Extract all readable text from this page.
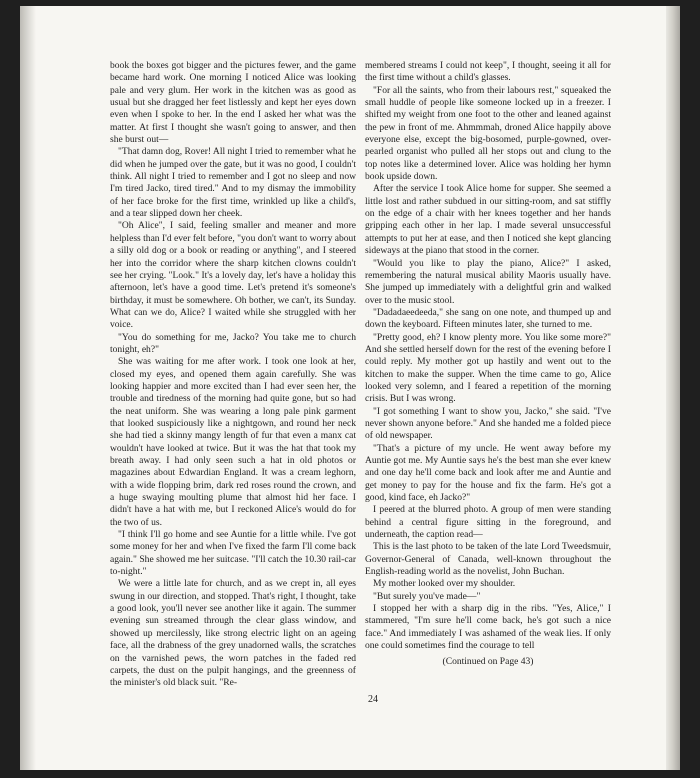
book the boxes got bigger and the pictures fewer, and the game became hard work. One morning I noticed Alice was looking pale and very glum. Her work in the kitchen was as good as usual but she dragged her feet listlessly and kept her eyes down even when I spoke to her. In the end I asked her what was the matter. At first I thought she wasn't going to answer, and then she burst out—

"That damn dog, Rover! All night I tried to remember what he did when he jumped over the gate, but it was no good, I couldn't think. All night I tried to remember and I got no sleep and now I'm tired Jacko, tired tired." And to my dismay the immobility of her face broke for the first time, wrinkled up like a child's, and a tear slipped down her cheek.

"Oh Alice", I said, feeling smaller and meaner and more helpless than I'd ever felt before, "you don't want to worry about a silly old dog or a book or reading or anything", and I steered her into the corridor where the sharp kitchen clowns couldn't see her crying. "Look." It's a lovely day, let's have a holiday this afternoon, let's have a good time. Let's pretend it's someone's birthday, it must be somewhere. Oh bother, we can't, its Sunday. What can we do, Alice? I waited while she struggled with her voice.

"You do something for me, Jacko? You take me to church tonight, eh?"

She was waiting for me after work. I took one look at her, closed my eyes, and opened them again carefully. She was looking happier and more excited than I had ever seen her, the trouble and tiredness of the morning had quite gone, but so had the neat uniform. She was wearing a long pale pink garment that looked suspiciously like a nightgown, and round her neck she had tied a skinny mangy length of fur that even a manx cat wouldn't have looked at twice. But it was the hat that took my breath away. I had only seen such a hat in old photos or magazines about Edwardian England. It was a cream leghorn, with a wide flopping brim, dark red roses round the crown, and a huge swaying moulting plume that almost hid her face. I didn't have a hat with me, but I reckoned Alice's would do for the two of us.

"I think I'll go home and see Auntie for a little while. I've got some money for her and when I've fixed the farm I'll come back again." She showed me her suitcase. "I'll catch the 10.30 rail-car to-night."

We were a little late for church, and as we crept in, all eyes swung in our direction, and stopped. That's right, I thought, take a good look, you'll never see another like it again. The summer evening sun streamed through the clear glass window, and showed up mercilessly, like strong electric light on an ageing face, all the drabness of the grey unadorned walls, the scratches on the varnished pews, the worn patches in the faded red carpets, the dust on the pulpit hangings, and the greenness of the minister's old black suit. "Re-

membered streams I could not keep", I thought, seeing it all for the first time without a child's glasses.

"For all the saints, who from their labours rest," squeaked the small huddle of people like someone locked up in a freezer. I shifted my weight from one foot to the other and leaned against the pew in front of me. Ahmmmah, droned Alice happily above everyone else, except the big-bosomed, purple-gowned, over-pearled organist who pulled all her stops out and clung to the top notes like a determined lover. Alice was holding her hymn book upside down.

After the service I took Alice home for supper. She seemed a little lost and rather subdued in our sitting-room, and sat stiffly on the edge of a chair with her knees together and her hands gripping each other in her lap. I made several unsuccessful attempts to put her at ease, and then I noticed she kept glancing sideways at the piano that stood in the corner.

"Would you like to play the piano, Alice?" I asked, remembering the natural musical ability Maoris usually have. She jumped up immediately with a delightful grin and walked over to the music stool.

"Dadadaeedeeda," she sang on one note, and thumped up and down the keyboard. Fifteen minutes later, she turned to me.

"Pretty good, eh? I know plenty more. You like some more?" And she settled herself down for the rest of the evening before I could reply. My mother got up hastily and went out to the kitchen to make the supper. When the time came to go, Alice looked very solemn, and I feared a repetition of the morning crisis. But I was wrong.

"I got something I want to show you, Jacko," she said. "I've never shown anyone before." And she handed me a folded piece of old newspaper.

"That's a picture of my uncle. He went away before my Auntie got me. My Auntie says he's the best man she ever knew and one day he'll come back and look after me and Auntie and get money to pay for the house and fix the farm. He's got a good, kind face, eh Jacko?"

I peered at the blurred photo. A group of men were standing behind a central figure sitting in the foreground, and underneath, the caption read—

This is the last photo to be taken of the late Lord Tweedsmuir, Governor-General of Canada, well-known throughout the English-reading world as the novelist, John Buchan.

My mother looked over my shoulder.

"But surely you've made—"

I stopped her with a sharp dig in the ribs. "Yes, Alice," I stammered, "I'm sure he'll come back, he's got such a nice face." And immediately I was ashamed of the weak lies. If only one could sometimes find the courage to tell

(Continued on Page 43)

24
